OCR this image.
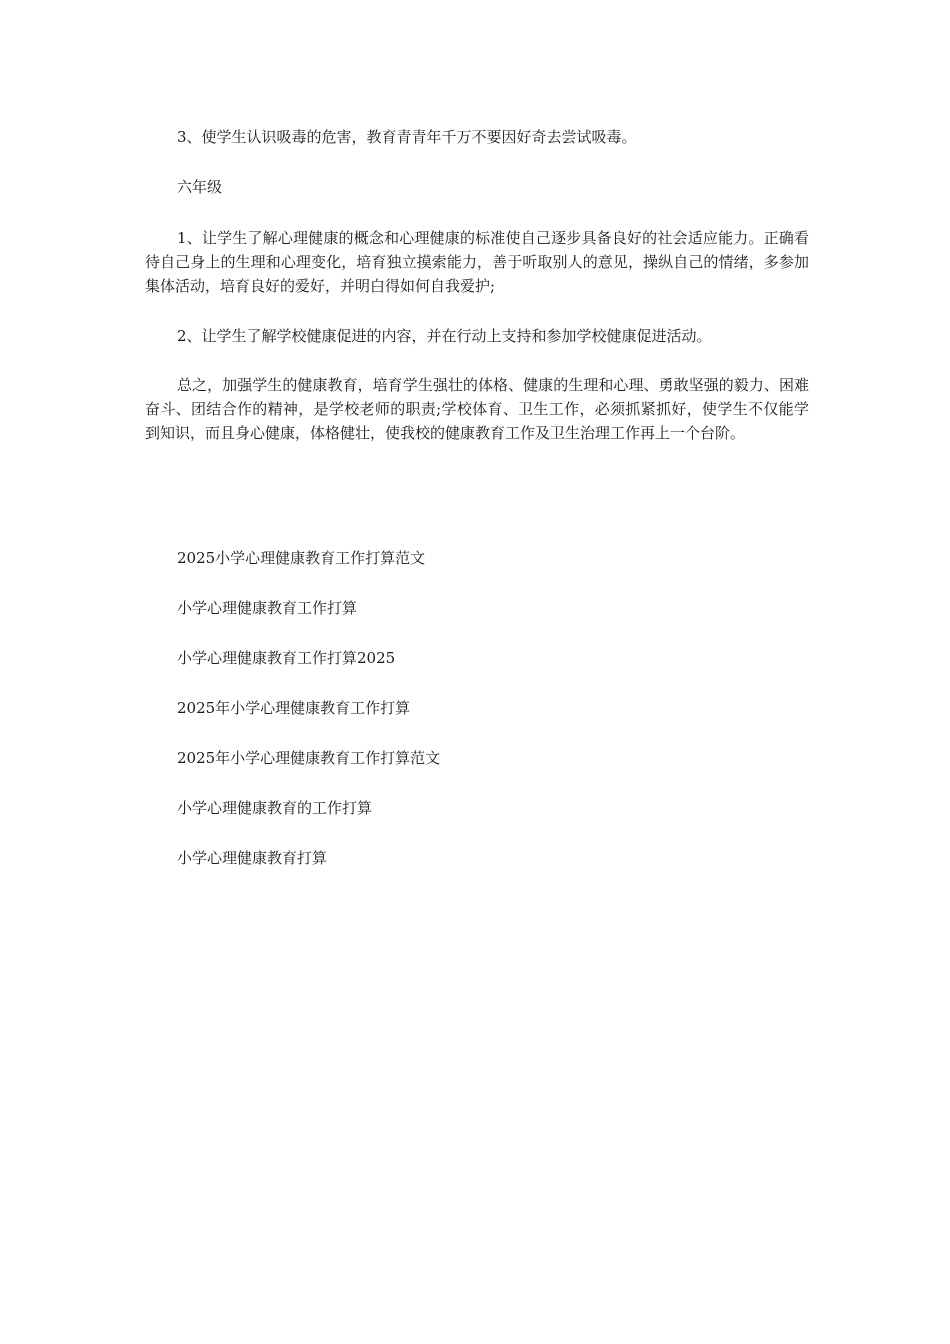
3、使学生认识吸毒的危害，教育青青年千万不要因好奇去尝试吸毒。

六年级

1、让学生了解心理健康的概念和心理健康的标准使自己逐步具备良好的社会适应能力。正确看待自己身上的生理和心理变化，培育独立摸索能力，善于听取别人的意见，操纵自己的情绪，多参加集体活动，培育良好的爱好，并明白得如何自我爱护;

2、让学生了解学校健康促进的内容，并在行动上支持和参加学校健康促进活动。

总之，加强学生的健康教育，培育学生强壮的体格、健康的生理和心理、勇敢坚强的毅力、困难奋斗、团结合作的精神，是学校老师的职责;学校体育、卫生工作，必须抓紧抓好，使学生不仅能学到知识，而且身心健康，体格健壮，使我校的健康教育工作及卫生治理工作再上一个台阶。

2025小学心理健康教育工作打算范文
小学心理健康教育工作打算
小学心理健康教育工作打算2025
2025年小学心理健康教育工作打算
2025年小学心理健康教育工作打算范文
小学心理健康教育的工作打算
小学心理健康教育打算
